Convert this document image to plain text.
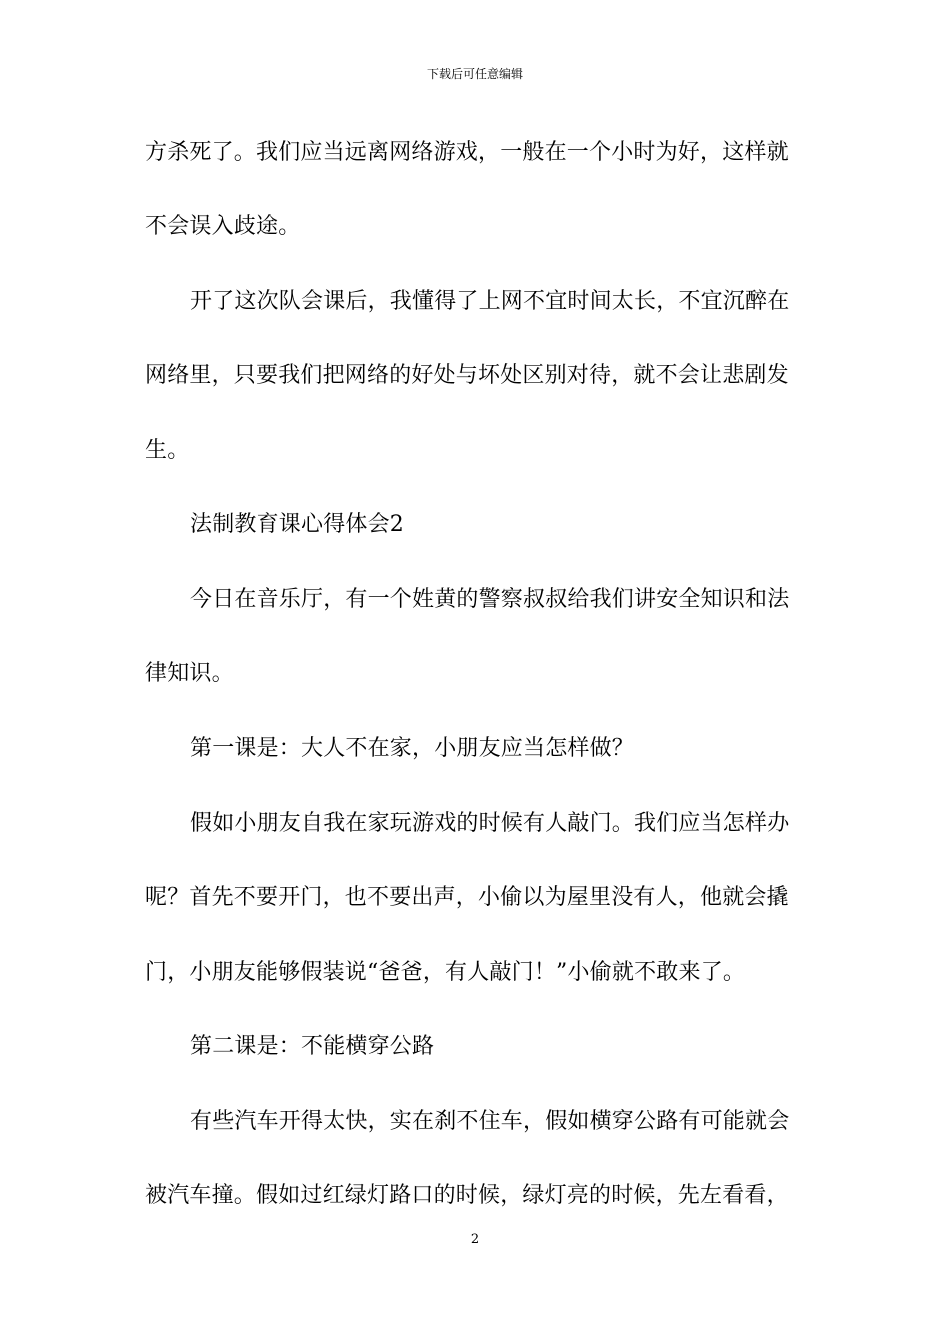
下载后可任意编辑
方杀死了。我们应当远离网络游戏，一般在一个小时为好，这样就
不会误入歧途。
开了这次队会课后，我懂得了上网不宜时间太长，不宜沉醉在
网络里，只要我们把网络的好处与坏处区别对待，就不会让悲剧发
生。
法制教育课心得体会2
今日在音乐厅，有一个姓黄的警察叔叔给我们讲安全知识和法
律知识。
第一课是：大人不在家，小朋友应当怎样做？
假如小朋友自我在家玩游戏的时候有人敲门。我们应当怎样办
呢？首先不要开门，也不要出声，小偷以为屋里没有人，他就会撬
门，小朋友能够假装说“爸爸，有人敲门！”小偷就不敢来了。
第二课是：不能横穿公路
有些汽车开得太快，实在刹不住车，假如横穿公路有可能就会
被汽车撞。假如过红绿灯路口的时候，绿灯亮的时候，先左看看，
2
